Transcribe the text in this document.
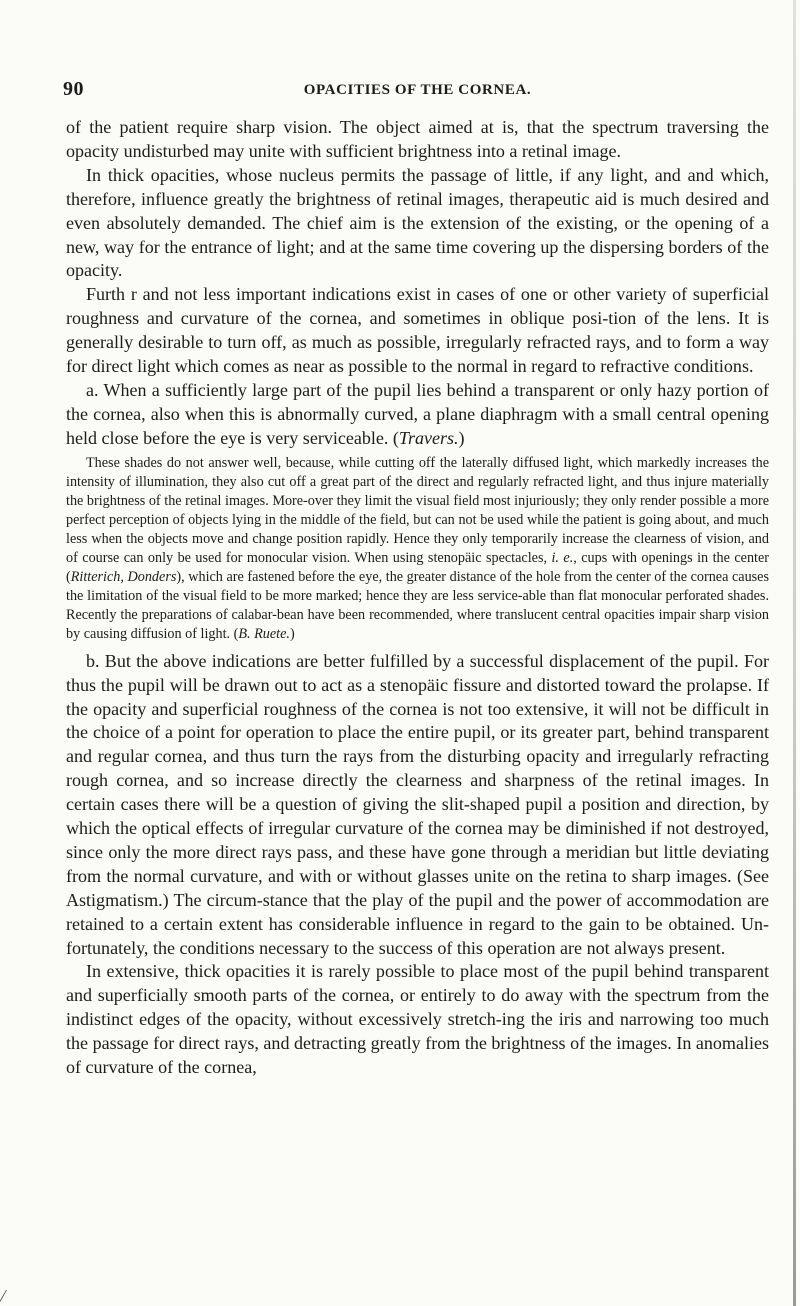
90	OPACITIES OF THE CORNEA.

of the patient require sharp vision. The object aimed at is, that the spectrum traversing the opacity undisturbed may unite with sufficient brightness into a retinal image.

In thick opacities, whose nucleus permits the passage of little, if any light, and and which, therefore, influence greatly the brightness of retinal images, therapeutic aid is much desired and even absolutely demanded. The chief aim is the extension of the existing, or the opening of a new, way for the entrance of light; and at the same time covering up the dispersing borders of the opacity.

Furth r and not less important indications exist in cases of one or other variety of superficial roughness and curvature of the cornea, and sometimes in oblique posi-tion of the lens. It is generally desirable to turn off, as much as possible, irregularly refracted rays, and to form a way for direct light which comes as near as possible to the normal in regard to refractive conditions.

a. When a sufficiently large part of the pupil lies behind a transparent or only hazy portion of the cornea, also when this is abnormally curved, a plane diaphragm with a small central opening held close before the eye is very serviceable. (Travers.)

These shades do not answer well, because, while cutting off the laterally diffused light, which markedly increases the intensity of illumination, they also cut off a great part of the direct and regularly refracted light, and thus injure materially the brightness of the retinal images. More-over they limit the visual field most injuriously; they only render possible a more perfect perception of objects lying in the middle of the field, but can not be used while the patient is going about, and much less when the objects move and change position rapidly. Hence they only temporarily increase the clearness of vision, and of course can only be used for monocular vision. When using stenopäic spectacles, i. e., cups with openings in the center (Ritterich, Donders), which are fastened before the eye, the greater distance of the hole from the center of the cornea causes the limitation of the visual field to be more marked; hence they are less service-able than flat monocular perforated shades. Recently the preparations of calabar-bean have been recommended, where translucent central opacities impair sharp vision by causing diffusion of light. (B. Ruete.)

b. But the above indications are better fulfilled by a successful displacement of the pupil. For thus the pupil will be drawn out to act as a stenopäic fissure and distorted toward the prolapse. If the opacity and superficial roughness of the cornea is not too extensive, it will not be difficult in the choice of a point for operation to place the entire pupil, or its greater part, behind transparent and regular cornea, and thus turn the rays from the disturbing opacity and irregularly refracting rough cornea, and so increase directly the clearness and sharpness of the retinal images. In certain cases there will be a question of giving the slit-shaped pupil a position and direction, by which the optical effects of irregular curvature of the cornea may be diminished if not destroyed, since only the more direct rays pass, and these have gone through a meridian but little deviating from the normal curvature, and with or without glasses unite on the retina to sharp images. (See Astigmatism.) The circum-stance that the play of the pupil and the power of accommodation are retained to a certain extent has considerable influence in regard to the gain to be obtained. Un-fortunately, the conditions necessary to the success of this operation are not always present.

In extensive, thick opacities it is rarely possible to place most of the pupil behind transparent and superficially smooth parts of the cornea, or entirely to do away with the spectrum from the indistinct edges of the opacity, without excessively stretch-ing the iris and narrowing too much the passage for direct rays, and detracting greatly from the brightness of the images. In anomalies of curvature of the cornea,
